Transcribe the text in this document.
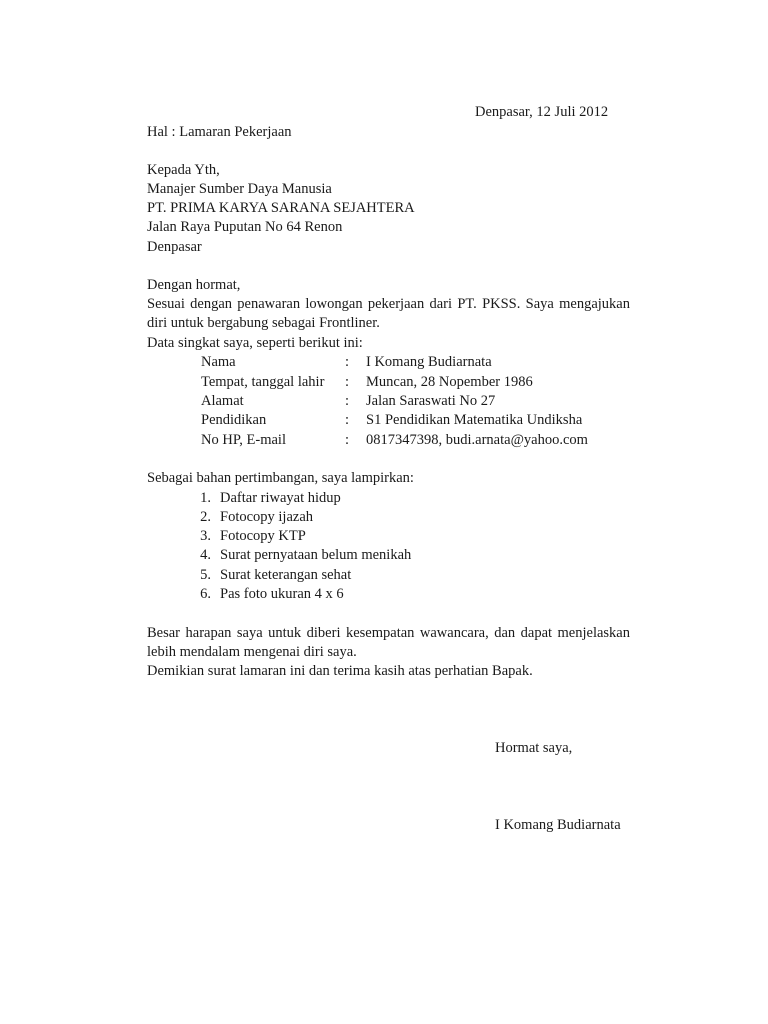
Denpasar, 12 Juli 2012
Hal : Lamaran Pekerjaan
Kepada Yth,
Manajer Sumber Daya Manusia
PT. PRIMA KARYA SARANA SEJAHTERA
Jalan Raya Puputan No 64 Renon
Denpasar
Dengan hormat,
Sesuai dengan penawaran lowongan pekerjaan dari PT. PKSS. Saya mengajukan
diri untuk bergabung sebagai Frontliner.
Data singkat saya, seperti berikut ini:
Nama	: I Komang Budiarnata
Tempat, tanggal lahir : Muncan, 28 Nopember 1986
Alamat	: Jalan Saraswati No 27
Pendidikan	: S1 Pendidikan Matematika Undiksha
No HP, E-mail	: 0817347398, budi.arnata@yahoo.com
Sebagai bahan pertimbangan, saya lampirkan:
1. Daftar riwayat hidup
2. Fotocopy ijazah
3. Fotocopy KTP
4. Surat pernyataan belum menikah
5. Surat keterangan sehat
6. Pas foto ukuran 4 x 6
Besar harapan saya untuk diberi kesempatan wawancara, dan dapat menjelaskan
lebih mendalam mengenai diri saya.
Demikian surat lamaran ini dan terima kasih atas perhatian Bapak.
Hormat saya,
I Komang Budiarnata
